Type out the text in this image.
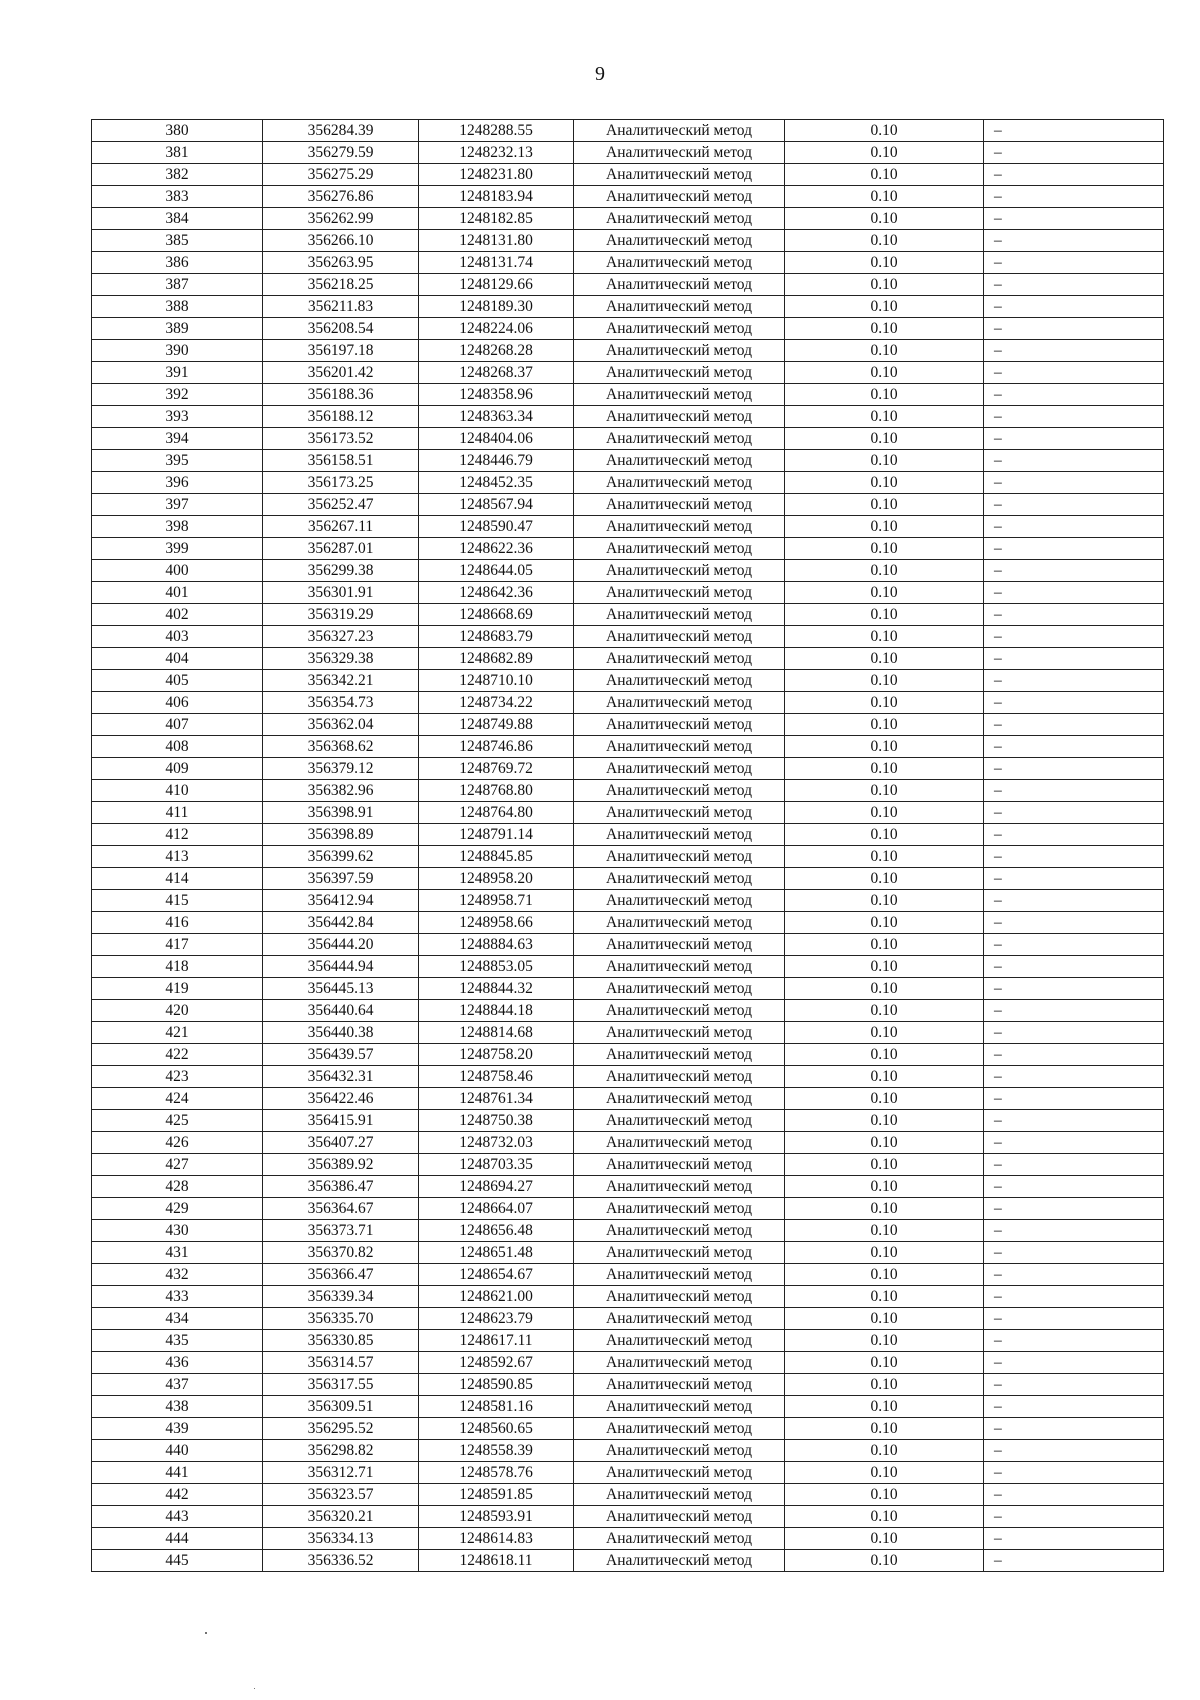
9
380	356284.39	1248288.55	Аналитический метод	0.10	–
381	356279.59	1248232.13	Аналитический метод	0.10	–
382	356275.29	1248231.80	Аналитический метод	0.10	–
383	356276.86	1248183.94	Аналитический метод	0.10	–
384	356262.99	1248182.85	Аналитический метод	0.10	–
385	356266.10	1248131.80	Аналитический метод	0.10	–
386	356263.95	1248131.74	Аналитический метод	0.10	–
387	356218.25	1248129.66	Аналитический метод	0.10	–
388	356211.83	1248189.30	Аналитический метод	0.10	–
389	356208.54	1248224.06	Аналитический метод	0.10	–
390	356197.18	1248268.28	Аналитический метод	0.10	–
391	356201.42	1248268.37	Аналитический метод	0.10	–
392	356188.36	1248358.96	Аналитический метод	0.10	–
393	356188.12	1248363.34	Аналитический метод	0.10	–
394	356173.52	1248404.06	Аналитический метод	0.10	–
395	356158.51	1248446.79	Аналитический метод	0.10	–
396	356173.25	1248452.35	Аналитический метод	0.10	–
397	356252.47	1248567.94	Аналитический метод	0.10	–
398	356267.11	1248590.47	Аналитический метод	0.10	–
399	356287.01	1248622.36	Аналитический метод	0.10	–
400	356299.38	1248644.05	Аналитический метод	0.10	–
401	356301.91	1248642.36	Аналитический метод	0.10	–
402	356319.29	1248668.69	Аналитический метод	0.10	–
403	356327.23	1248683.79	Аналитический метод	0.10	–
404	356329.38	1248682.89	Аналитический метод	0.10	–
405	356342.21	1248710.10	Аналитический метод	0.10	–
406	356354.73	1248734.22	Аналитический метод	0.10	–
407	356362.04	1248749.88	Аналитический метод	0.10	–
408	356368.62	1248746.86	Аналитический метод	0.10	–
409	356379.12	1248769.72	Аналитический метод	0.10	–
410	356382.96	1248768.80	Аналитический метод	0.10	–
411	356398.91	1248764.80	Аналитический метод	0.10	–
412	356398.89	1248791.14	Аналитический метод	0.10	–
413	356399.62	1248845.85	Аналитический метод	0.10	–
414	356397.59	1248958.20	Аналитический метод	0.10	–
415	356412.94	1248958.71	Аналитический метод	0.10	–
416	356442.84	1248958.66	Аналитический метод	0.10	–
417	356444.20	1248884.63	Аналитический метод	0.10	–
418	356444.94	1248853.05	Аналитический метод	0.10	–
419	356445.13	1248844.32	Аналитический метод	0.10	–
420	356440.64	1248844.18	Аналитический метод	0.10	–
421	356440.38	1248814.68	Аналитический метод	0.10	–
422	356439.57	1248758.20	Аналитический метод	0.10	–
423	356432.31	1248758.46	Аналитический метод	0.10	–
424	356422.46	1248761.34	Аналитический метод	0.10	–
425	356415.91	1248750.38	Аналитический метод	0.10	–
426	356407.27	1248732.03	Аналитический метод	0.10	–
427	356389.92	1248703.35	Аналитический метод	0.10	–
428	356386.47	1248694.27	Аналитический метод	0.10	–
429	356364.67	1248664.07	Аналитический метод	0.10	–
430	356373.71	1248656.48	Аналитический метод	0.10	–
431	356370.82	1248651.48	Аналитический метод	0.10	–
432	356366.47	1248654.67	Аналитический метод	0.10	–
433	356339.34	1248621.00	Аналитический метод	0.10	–
434	356335.70	1248623.79	Аналитический метод	0.10	–
435	356330.85	1248617.11	Аналитический метод	0.10	–
436	356314.57	1248592.67	Аналитический метод	0.10	–
437	356317.55	1248590.85	Аналитический метод	0.10	–
438	356309.51	1248581.16	Аналитический метод	0.10	–
439	356295.52	1248560.65	Аналитический метод	0.10	–
440	356298.82	1248558.39	Аналитический метод	0.10	–
441	356312.71	1248578.76	Аналитический метод	0.10	–
442	356323.57	1248591.85	Аналитический метод	0.10	–
443	356320.21	1248593.91	Аналитический метод	0.10	–
444	356334.13	1248614.83	Аналитический метод	0.10	–
445	356336.52	1248618.11	Аналитический метод	0.10	–
